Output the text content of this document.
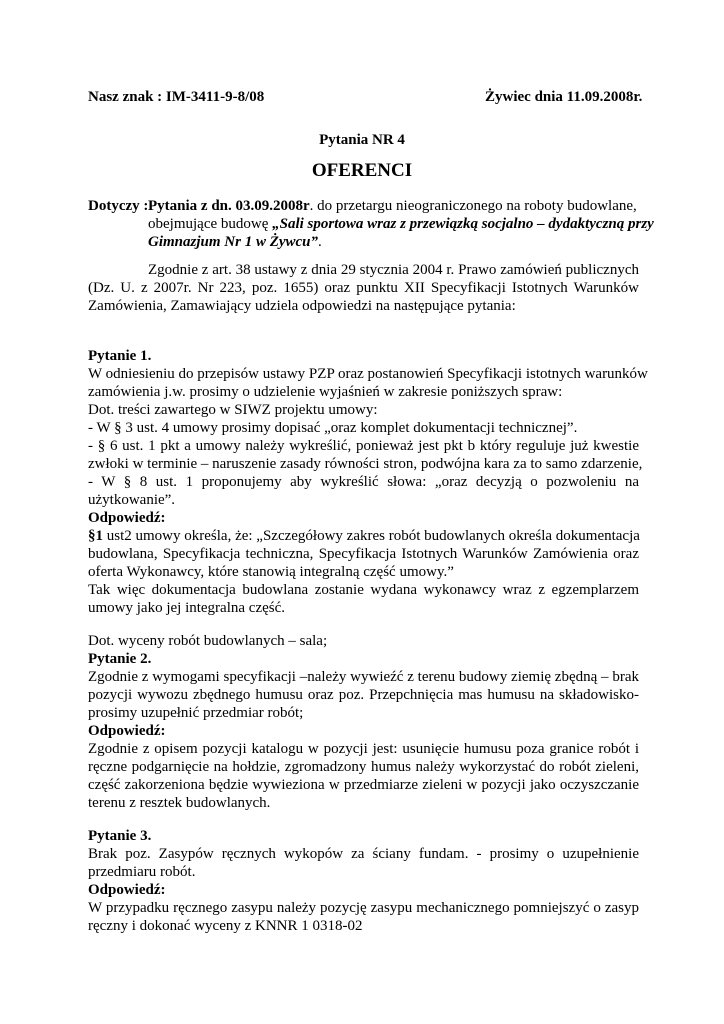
Nasz znak : IM-3411-9-8/08	Żywiec dnia 11.09.2008r.
Pytania NR 4
OFERENCI
Dotyczy : Pytania z dn. 03.09.2008r. do przetargu nieograniczonego na roboty budowlane,
obejmujące budowę „Sali sportowa wraz z przewiązką socjalno – dydaktyczną przy
Gimnazjum Nr 1 w Żywcu”.
Zgodnie z art. 38 ustawy z dnia 29 stycznia 2004 r. Prawo zamówień publicznych
(Dz. U. z 2007r. Nr 223, poz. 1655) oraz punktu XII Specyfikacji Istotnych Warunków
Zamówienia, Zamawiający udziela odpowiedzi na następujące pytania:
Pytanie 1.
W odniesieniu do przepisów ustawy PZP oraz postanowień Specyfikacji istotnych warunków
zamówienia j.w. prosimy o udzielenie wyjaśnień w zakresie poniższych spraw:
Dot. treści zawartego w SIWZ projektu umowy:
- W § 3 ust. 4 umowy prosimy dopisać „oraz komplet dokumentacji technicznej”.
- § 6 ust. 1 pkt a umowy należy wykreślić, ponieważ jest pkt b który reguluje już kwestie
zwłoki w terminie – naruszenie zasady równości stron, podwójna kara za to samo zdarzenie,
- W § 8 ust. 1 proponujemy aby wykreślić słowa: „oraz decyzją o pozwoleniu na
użytkowanie”.
Odpowiedź:
§1 ust2 umowy określa, że: „Szczegółowy zakres robót budowlanych określa dokumentacja
budowlana, Specyfikacja techniczna, Specyfikacja Istotnych Warunków Zamówienia oraz
oferta Wykonawcy, które stanowią integralną część umowy.”
Tak więc dokumentacja budowlana zostanie wydana wykonawcy wraz z egzemplarzem
umowy jako jej integralna część.
Dot. wyceny robót budowlanych – sala;
Pytanie 2.
Zgodnie z wymogami specyfikacji –należy wywieźć z terenu budowy ziemię zbędną – brak
pozycji wywozu zbędnego humusu oraz poz. Przepchnięcia mas humusu na składowisko-
prosimy uzupełnić przedmiar robót;
Odpowiedź:
Zgodnie z opisem pozycji katalogu w pozycji jest: usunięcie humusu poza granice robót i
ręczne podgarnięcie na hołdzie, zgromadzony humus należy wykorzystać do robót zieleni,
część zakorzeniona będzie wywieziona w przedmiarze zieleni w pozycji jako oczyszczanie
terenu z resztek budowlanych.
Pytanie 3.
Brak poz. Zasypów ręcznych wykopów za ściany fundam. - prosimy o uzupełnienie
przedmiaru robót.
Odpowiedź:
W przypadku ręcznego zasypu należy pozycję zasypu mechanicznego pomniejszyć o zasyp
ręczny i dokonać wyceny z KNNR 1 0318-02
